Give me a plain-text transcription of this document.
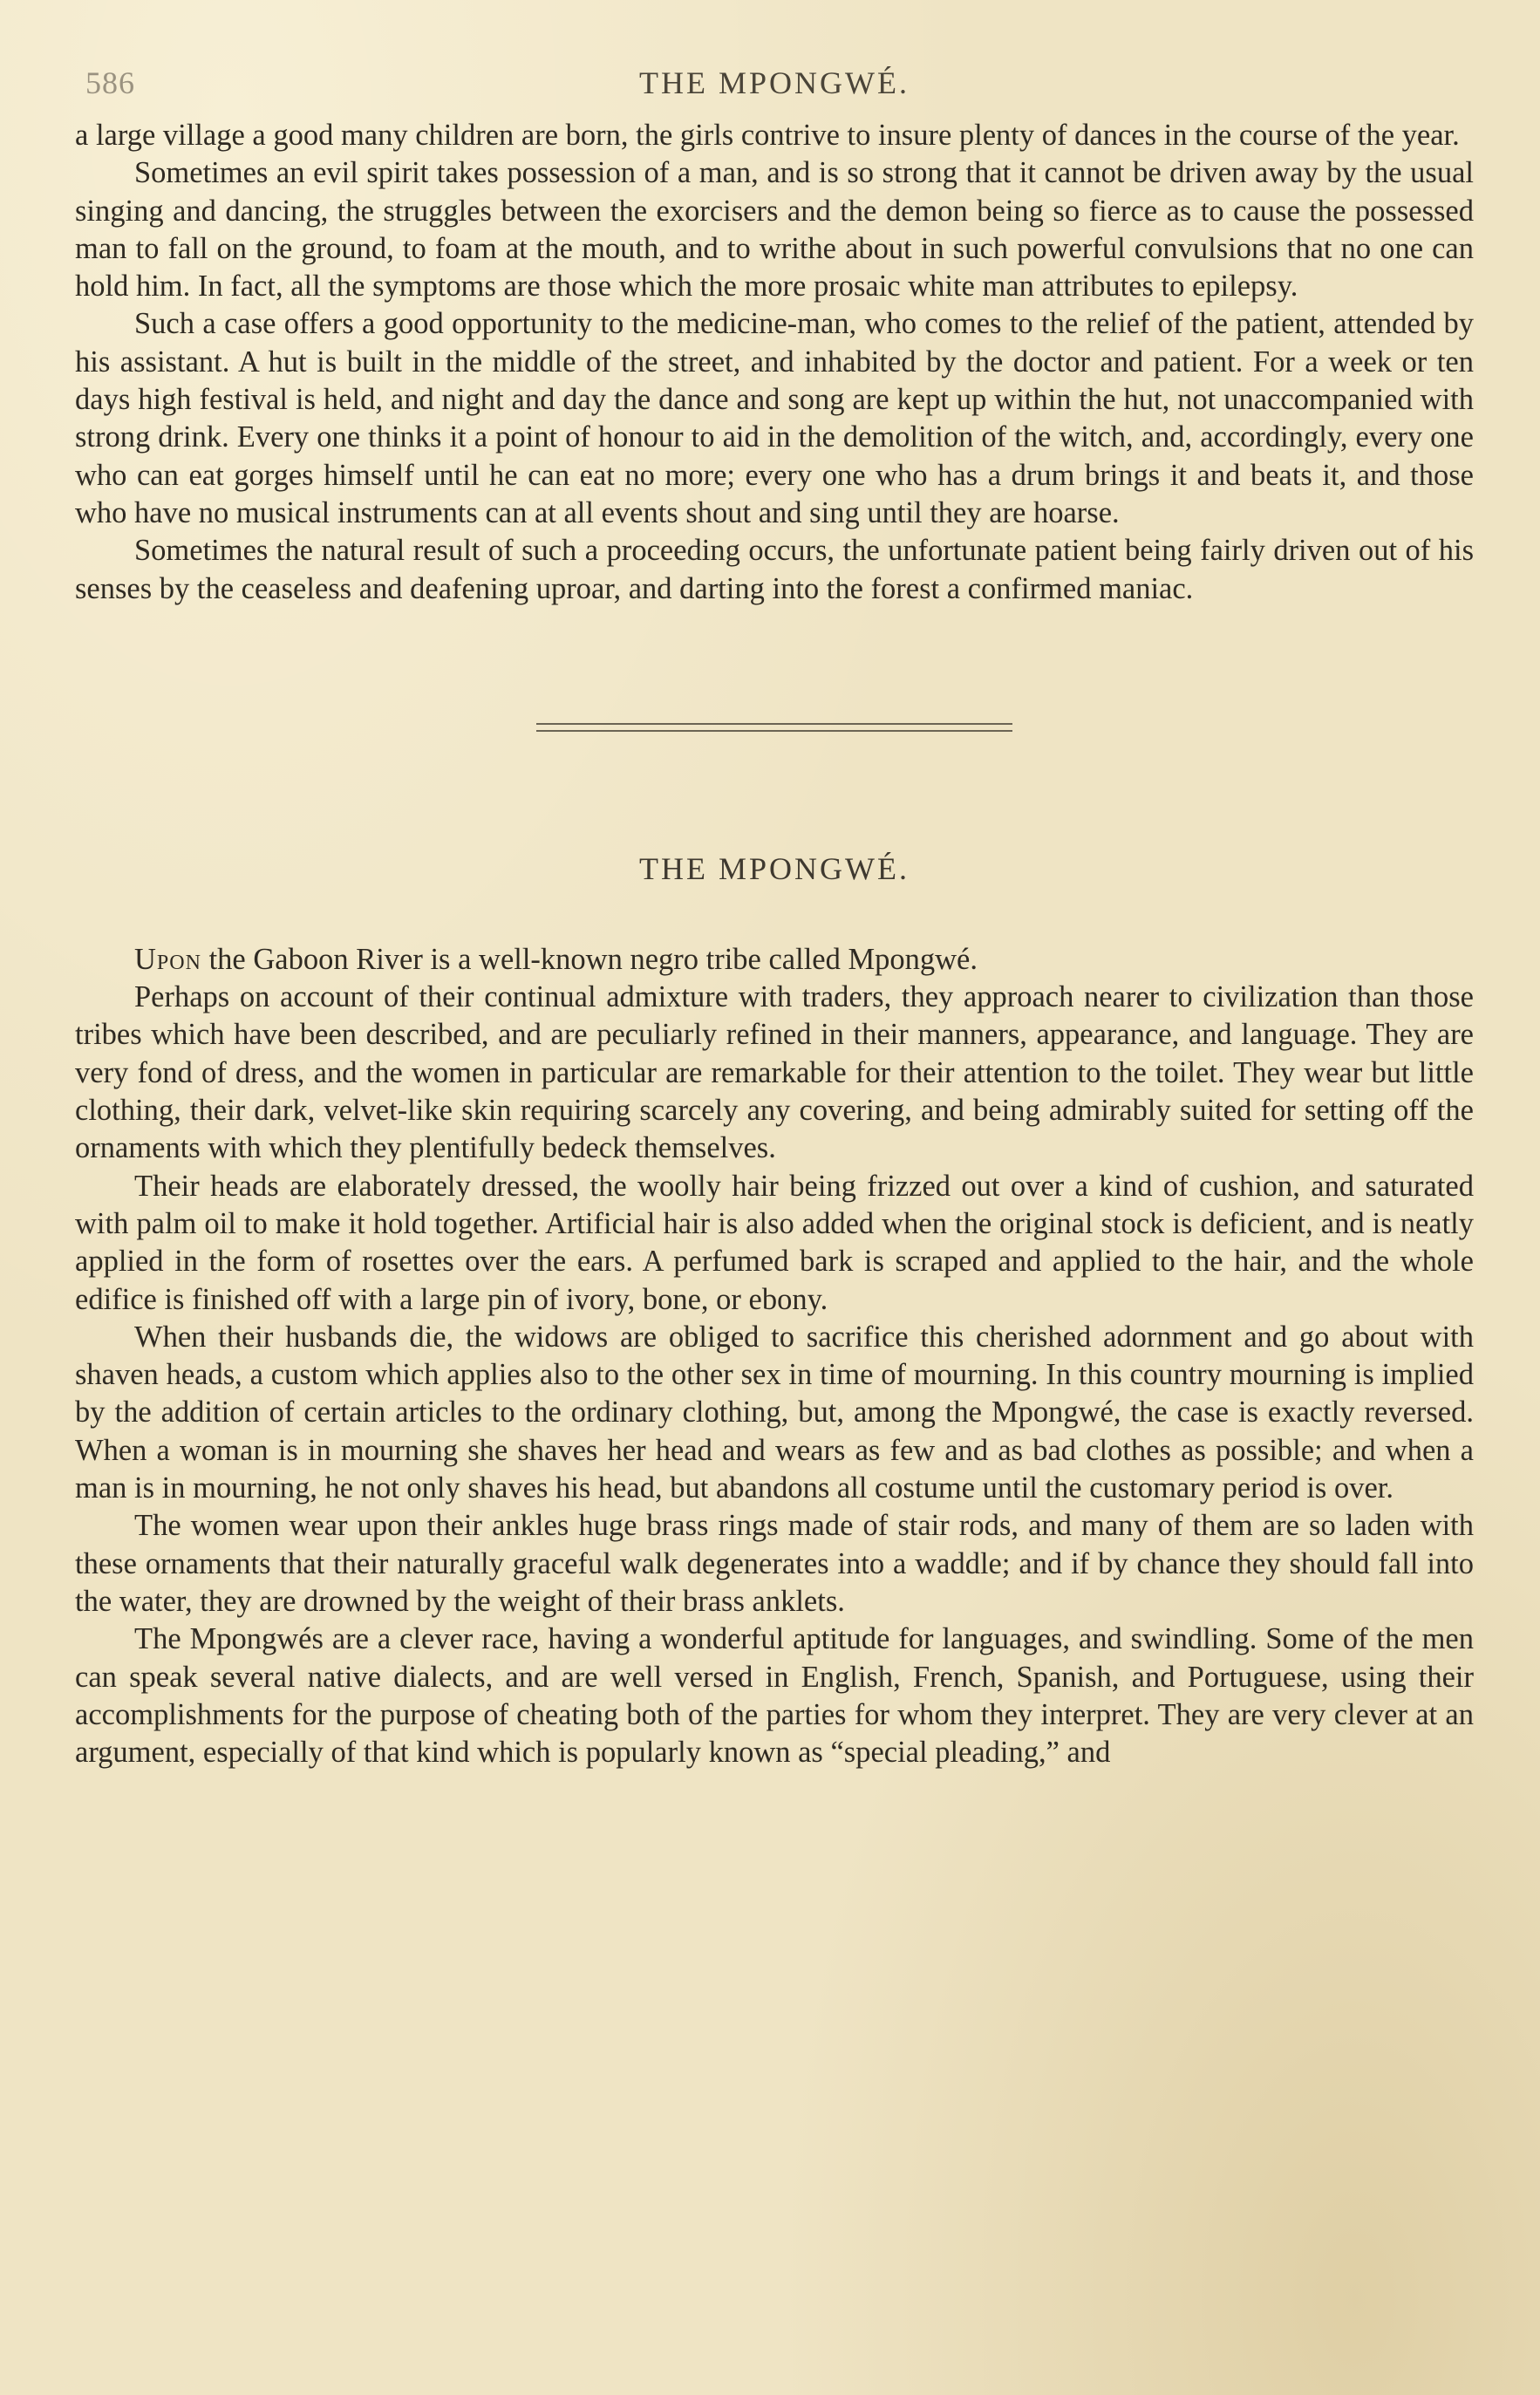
586	THE MPONGWÉ.

a large village a good many children are born, the girls contrive to insure plenty of dances in the course of the year.

Sometimes an evil spirit takes possession of a man, and is so strong that it cannot be driven away by the usual singing and dancing, the struggles between the exorcisers and the demon being so fierce as to cause the possessed man to fall on the ground, to foam at the mouth, and to writhe about in such powerful convulsions that no one can hold him. In fact, all the symptoms are those which the more prosaic white man attributes to epilepsy.

Such a case offers a good opportunity to the medicine-man, who comes to the relief of the patient, attended by his assistant. A hut is built in the middle of the street, and inhabited by the doctor and patient. For a week or ten days high festival is held, and night and day the dance and song are kept up within the hut, not unaccompanied with strong drink. Every one thinks it a point of honour to aid in the demolition of the witch, and, accordingly, every one who can eat gorges himself until he can eat no more; every one who has a drum brings it and beats it, and those who have no musical instruments can at all events shout and sing until they are hoarse.

Sometimes the natural result of such a proceeding occurs, the unfortunate patient being fairly driven out of his senses by the ceaseless and deafening uproar, and darting into the forest a confirmed maniac.

THE MPONGWÉ.

Upon the Gaboon River is a well-known negro tribe called Mpongwé.

Perhaps on account of their continual admixture with traders, they approach nearer to civilization than those tribes which have been described, and are peculiarly refined in their manners, appearance, and language. They are very fond of dress, and the women in particular are remarkable for their attention to the toilet. They wear but little clothing, their dark, velvet-like skin requiring scarcely any covering, and being admirably suited for setting off the ornaments with which they plentifully bedeck themselves.

Their heads are elaborately dressed, the woolly hair being frizzed out over a kind of cushion, and saturated with palm oil to make it hold together. Artificial hair is also added when the original stock is deficient, and is neatly applied in the form of rosettes over the ears. A perfumed bark is scraped and applied to the hair, and the whole edifice is finished off with a large pin of ivory, bone, or ebony.

When their husbands die, the widows are obliged to sacrifice this cherished adornment and go about with shaven heads, a custom which applies also to the other sex in time of mourning. In this country mourning is implied by the addition of certain articles to the ordinary clothing, but, among the Mpongwé, the case is exactly reversed. When a woman is in mourning she shaves her head and wears as few and as bad clothes as possible; and when a man is in mourning, he not only shaves his head, but abandons all costume until the customary period is over.

The women wear upon their ankles huge brass rings made of stair rods, and many of them are so laden with these ornaments that their naturally graceful walk degenerates into a waddle; and if by chance they should fall into the water, they are drowned by the weight of their brass anklets.

The Mpongwés are a clever race, having a wonderful aptitude for languages, and swindling. Some of the men can speak several native dialects, and are well versed in English, French, Spanish, and Portuguese, using their accomplishments for the purpose of cheating both of the parties for whom they interpret. They are very clever at an argument, especially of that kind which is popularly known as “special pleading,” and
